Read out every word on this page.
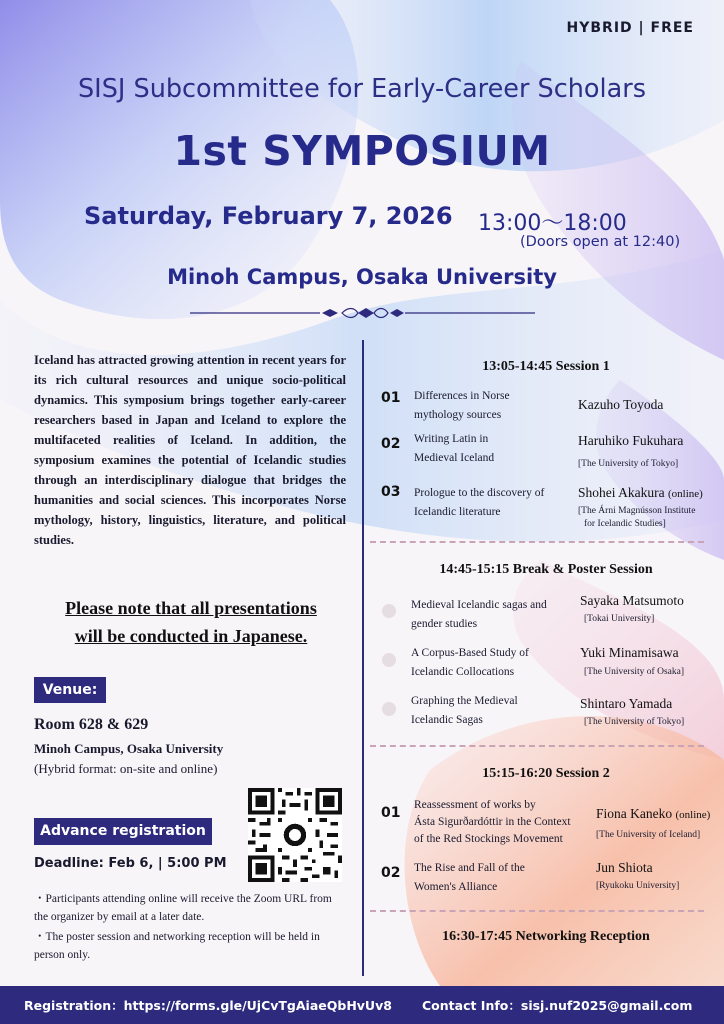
HYBRID | FREE
SISJ Subcommittee for Early-Career Scholars
1st SYMPOSIUM
Saturday, February 7, 2026 13:00～18:00
(Doors open at 12:40)
Minoh Campus, Osaka University

Iceland has attracted growing attention in recent years for its rich cultural resources and unique socio-political dynamics. This symposium brings together early-career researchers based in Japan and Iceland to explore the multifaceted realities of Iceland. In addition, the symposium examines the potential of Icelandic studies through an interdisciplinary dialogue that bridges the humanities and social sciences. This incorporates Norse mythology, history, linguistics, literature, and political studies.

Please note that all presentations
will be conducted in Japanese.
Venue:
Room 628 & 629
Minoh Campus, Osaka University
(Hybrid format: on-site and online)
Advance registration
Deadline: Feb 6, | 5:00 PM

・Participants attending online will receive the Zoom URL from the organizer by email at a later date.

・The poster session and networking reception will be held in person only.

13:05-14:45 Session 1
01 Differences in Norse
mythology sources
Kazuho Toyoda
02 Writing Latin in
Medieval Iceland
Haruhiko Fukuhara
[The University of Tokyo]
03 Prologue to the discovery of
Icelandic literature
Shohei Akakura (online)
[The Árni Magnússon Institute
for Icelandic Studies]
14:45-15:15 Break & Poster Session
Medieval Icelandic sagas and
gender studies
Sayaka Matsumoto
[Tokai University]
A Corpus-Based Study of
Icelandic Collocations
Yuki Minamisawa
[The University of Osaka]
Graphing the Medieval
Icelandic Sagas
Shintaro Yamada
[The University of Tokyo]
15:15-16:20 Session 2
01 Reassessment of works by
Ásta Sigurðardóttir in the Context
of the Red Stockings Movement
Fiona Kaneko (online)
[The University of Iceland]
02 The Rise and Fall of the
Women's Alliance
Jun Shiota
[Ryukoku University]
16:30-17:45 Networking Reception
Registration：https://forms.gle/UjCvTgAiaeQbHvUv8 Contact Info：sisj.nuf2025@gmail.com
